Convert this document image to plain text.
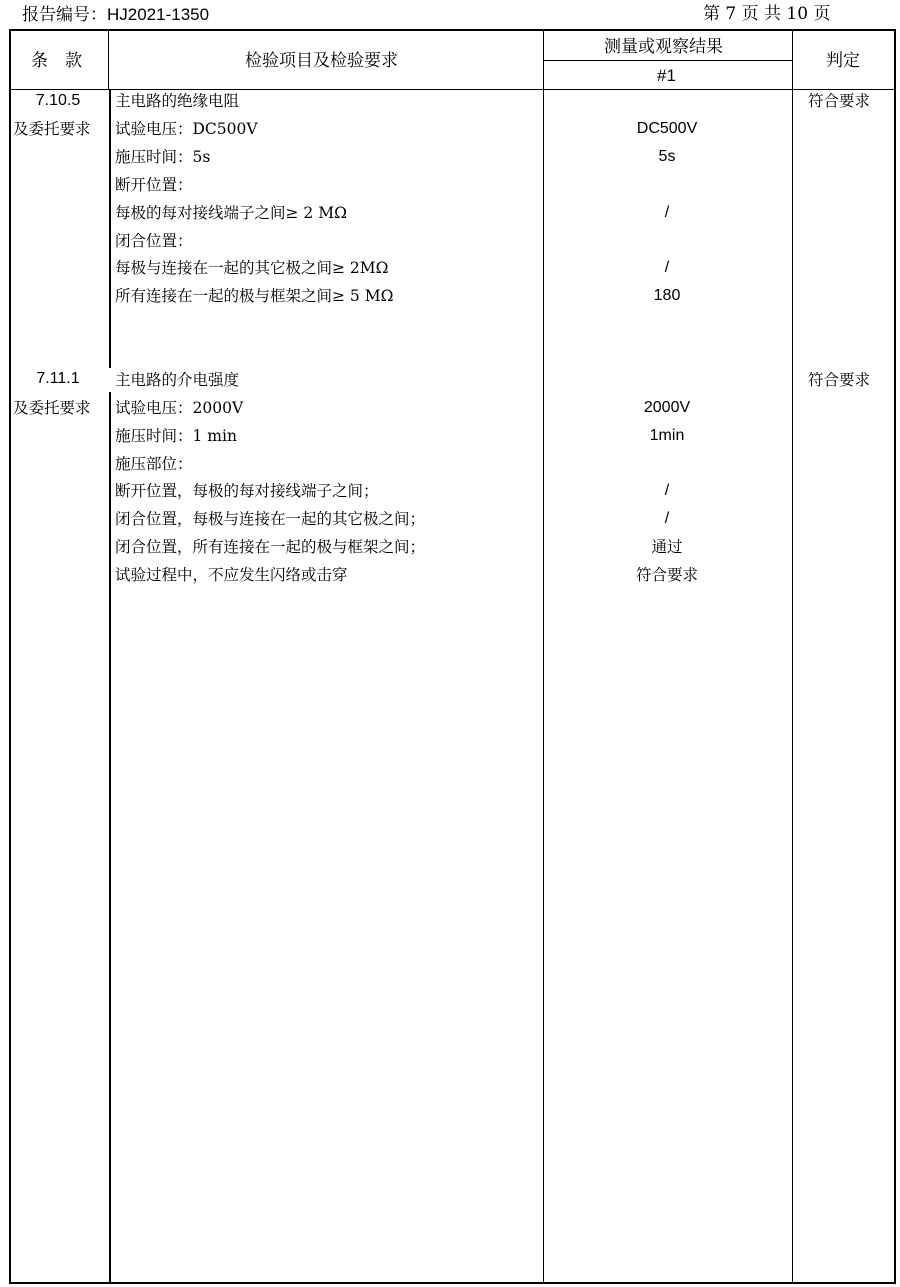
报告编号：HJ2021-1350	第 7 页 共 10 页
条　款	检验项目及检验要求
测量或观察结果
#1
判定
7.10.5
及委托要求
符合要求
主电路的绝缘电阻
试验电压：DC500V
施压时间：5s
断开位置：
每极的每对接线端子之间≥ 2 MΩ
闭合位置：
每极与连接在一起的其它极之间≥ 2MΩ
所有连接在一起的极与框架之间≥ 5 MΩ
DC500V
5s
/
/
180
7.11.1
及委托要求
符合要求
主电路的介电强度
试验电压：2000V
施压时间：1 min
施压部位：
断开位置，每极的每对接线端子之间；
闭合位置，每极与连接在一起的其它极之间；
闭合位置，所有连接在一起的极与框架之间；
试验过程中，不应发生闪络或击穿
2000V
1min
/
/
通过
符合要求
